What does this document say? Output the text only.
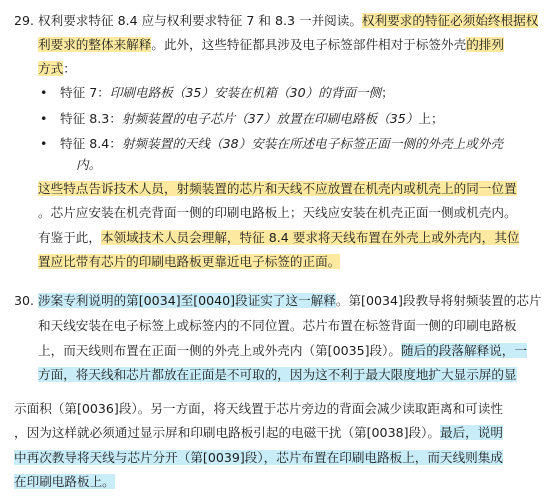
29. 权利要求特征 8.4 应与权利要求特征 7 和 8.3 一并阅读。权利要求的特征必须始终根据权
利要求的整体来解释。此外，这些特征都具涉及电子标签部件相对于标签外壳的排列
方式：
• 特征 7：印刷电路板（35）安装在机箱（30）的背面一侧；
• 特征 8.3：射频装置的电子芯片（37）放置在印刷电路板（35）上；
• 特征 8.4：射频装置的天线（38）安装在所述电子标签正面一侧的外壳上或外壳
内。
这些特点告诉技术人员，射频装置的芯片和天线不应放置在机壳内或机壳上的同一位置
。芯片应安装在机壳背面一侧的印刷电路板上；天线应安装在机壳正面一侧或机壳内。
有鉴于此，本领域技术人员会理解，特征 8.4 要求将天线布置在外壳上或外壳内，其位
置应比带有芯片的印刷电路板更靠近电子标签的正面。
30. 涉案专利说明的第[0034]至[0040]段证实了这一解释。第[0034]段教导将射频装置的芯片
和天线安装在电子标签上或标签内的不同位置。芯片布置在标签背面一侧的印刷电路板
上，而天线则布置在正面一侧的外壳上或外壳内（第[0035]段）。随后的段落解释说，一
方面，将天线和芯片都放在正面是不可取的，因为这不利于最大限度地扩大显示屏的显
示面积（第[0036]段）。另一方面，将天线置于芯片旁边的背面会减少读取距离和可读性
，因为这样就必须通过显示屏和印刷电路板引起的电磁干扰（第[0038]段）。最后，说明
中再次教导将天线与芯片分开（第[0039]段），芯片布置在印刷电路板上，而天线则集成
在印刷电路板上。
